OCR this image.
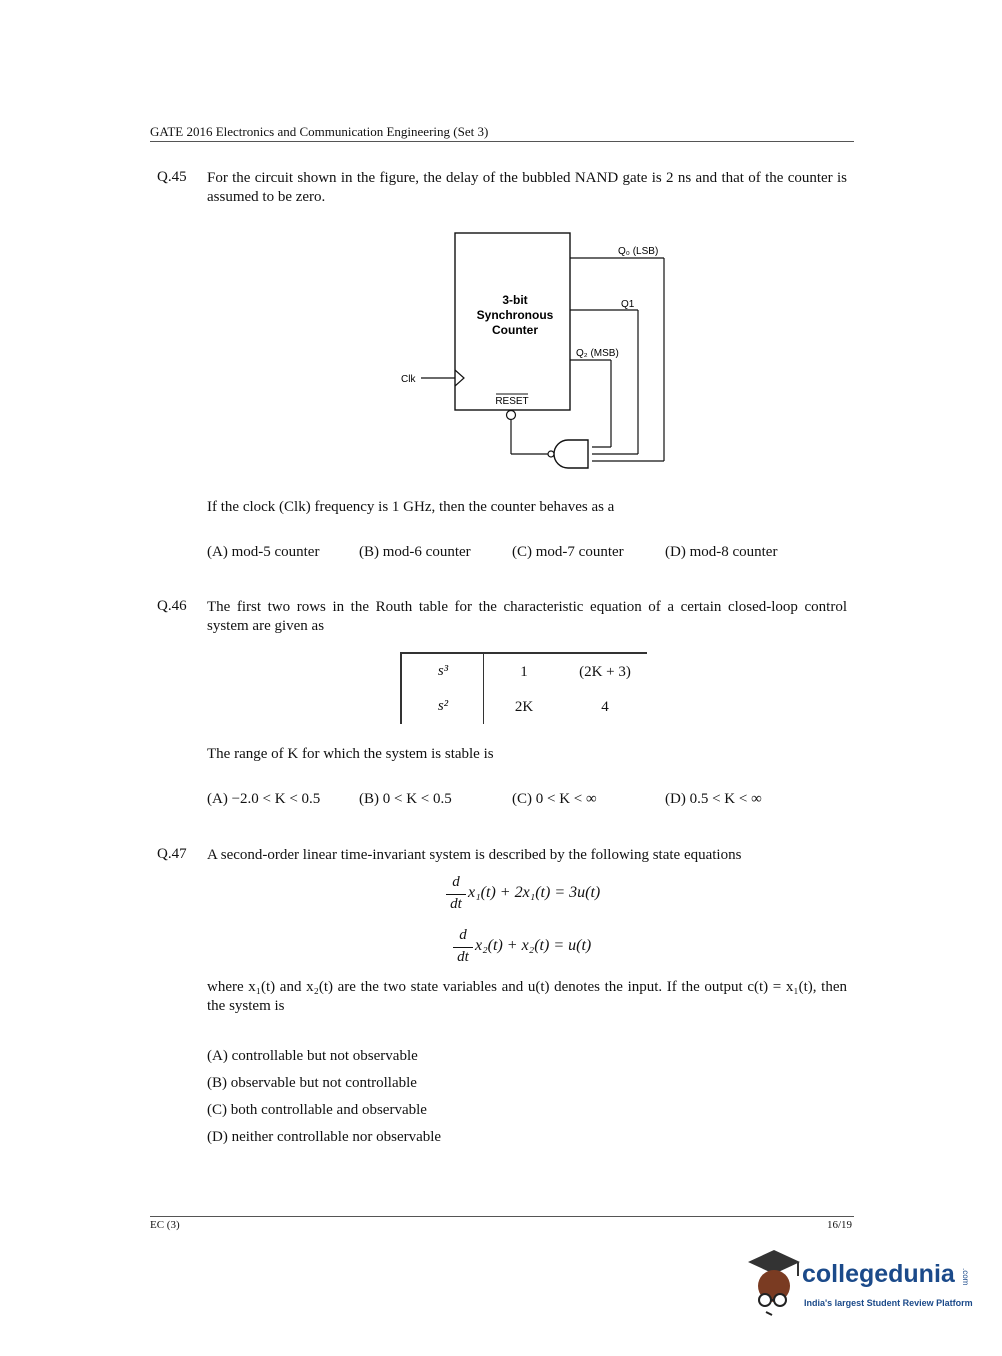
GATE 2016 Electronics and Communication Engineering (Set 3)
Q.45 For the circuit shown in the figure, the delay of the bubbled NAND gate is 2 ns and that of the counter is assumed to be zero.
3-bit
Synchronous
Counter
Q₀ (LSB)
Q1
Q₂ (MSB)
RESET
Clk
If the clock (Clk) frequency is 1 GHz, then the counter behaves as a
(A) mod-5 counter	(B) mod-6 counter	(C) mod-7 counter	(D) mod-8 counter
Q.46 The first two rows in the Routh table for the characteristic equation of a certain closed-loop control system are given as
s³	1	(2K + 3)
s²	2K	4
The range of K for which the system is stable is
(A) −2.0 < K < 0.5	(B) 0 < K < 0.5	(C) 0 < K < ∞	(D) 0.5 < K < ∞
Q.47 A second-order linear time-invariant system is described by the following state equations
d
dt
x₁(t) + 2x₁(t) = 3u(t)
d
dt
x₂(t) + x₂(t) = u(t)
where x₁(t) and x₂(t) are the two state variables and u(t) denotes the input. If the output c(t) = x₁(t), then the system is
(A) controllable but not observable
(B) observable but not controllable
(C) both controllable and observable
(D) neither controllable nor observable
EC (3)	16/19
collegedunia .com
India's largest Student Review Platform
